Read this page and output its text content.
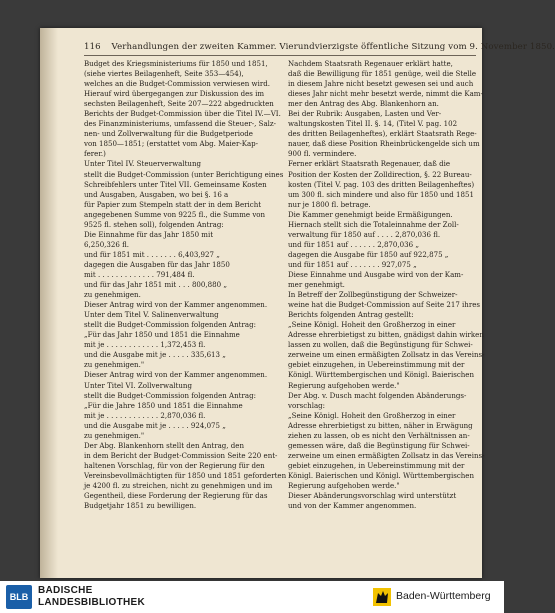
116 Verhandlungen der zweiten Kammer. Vierundvierzigste öffentliche Sitzung vom 9. November 1850.

Budget des Kriegsministeriums für 1850 und 1851,

(siehe viertes Beilagenheft, Seite 353—454),

welches an die Budget-Commission verwiesen wird.

Hierauf wird übergegangen zur Diskussion des im

sechsten Beilagenheft, Seite 207—222 abgedruckten

Berichts der Budget-Commission über die Titel IV.—VI.

des Finanzministeriums, umfassend die Steuer-, Salz-

nen- und Zollverwaltung für die Budgetperiode

von 1850—1851; (erstattet vom Abg. Maier-Kap-

ferer.)

Unter Titel IV. Steuerverwaltung

stellt die Budget-Commission (unter Berichtigung eines

Schreibfehlers unter Titel VII. Gemeinsame Kosten

und Ausgaben, Ausgaben, wo bei §. 16 a

für Papier zum Stempeln statt der in dem Bericht

angegebenen Summe von 9225 fl., die Summe von

9525 fl. stehen soll), folgenden Antrag:

Die Einnahme für das Jahr 1850 mit

6,250,326 fl.

und für 1851 mit . . . . . . . 6,403,927 „

dagegen die Ausgaben für das Jahr 1850

mit . . . . . . . . . . . . . 791,484 fl.

und für das Jahr 1851 mit . . . 800,880 „

zu genehmigen.

Dieser Antrag wird von der Kammer angenommen.

Unter dem Titel V. Salinenverwaltung

stellt die Budget-Commission folgenden Antrag:

„Für das Jahr 1850 und 1851 die Einnahme

mit je . . . . . . . . . . . . 1,372,453 fl.

und die Ausgabe mit je . . . . . 335,613 „

zu genehmigen."

Dieser Antrag wird von der Kammer angenommen.

Unter Titel VI. Zollverwaltung

stellt die Budget-Commission folgenden Antrag:

„Für die Jahre 1850 und 1851 die Einnahme

mit je . . . . . . . . . . . . 2,870,036 fl.

und die Ausgabe mit je . . . . . 924,075 „

zu genehmigen."

Der Abg. Blankenhorn stellt den Antrag, den

in dem Bericht der Budget-Commission Seite 220 ent-

haltenen Vorschlag, für von der Regierung für den

Vereinsbevollmächtigten für 1850 und 1851 geforderten

je 4200 fl. zu streichen, nicht zu genehmigen und im

Gegentheil, diese Forderung der Regierung für das

Budgetjahr 1851 zu bewilligen.

Nachdem Staatsrath Regenauer erklärt hatte,

daß die Bewilligung für 1851 genüge, weil die Stelle

in diesem Jahre nicht besetzt gewesen sei und auch

dieses Jahr nicht mehr besetzt werde, nimmt die Kam-

mer den Antrag des Abg. Blankenhorn an.

Bei der Rubrik: Ausgaben, Lasten und Ver-

waltungskosten Titel II. §. 14, (Titel V. pag. 102

des dritten Beilagenheftes), erklärt Staatsrath Rege-

nauer, daß diese Position Rheinbrückengelde sich um

900 fl. vermindere.

Ferner erklärt Staatsrath Regenauer, daß die

Position der Kosten der Zolldirection, §. 22 Bureau-

kosten (Titel V. pag. 103 des dritten Beilagenheftes)

um 300 fl. sich mindere und also für 1850 und 1851

nur je 1800 fl. betrage.

Die Kammer genehmigt beide Ermäßigungen.

Hiernach stellt sich die Totaleinnahme der Zoll-

verwaltung für 1850 auf . . . . 2,870,036 fl.

und für 1851 auf . . . . . . 2,870,036 „

dagegen die Ausgabe für 1850 auf 922,875 „

und für 1851 auf . . . . . . . 927,075 „

Diese Einnahme und Ausgabe wird von der Kam-

mer genehmigt.

In Betreff der Zollbegünstigung der Schweizer-

weine hat die Budget-Commission auf Seite 217 ihres

Berichts folgenden Antrag gestellt:

„Seine Königl. Hoheit den Großherzog in einer

Adresse ehrerbietigst zu bitten, gnädigst dahin wirken

lassen zu wollen, daß die Begünstigung für Schwei-

zerweine um einen ermäßigten Zollsatz in das Vereins-

gebiet einzugehen, in Uebereinstimmung mit der

Königl. Württembergischen und Königl. Baierischen

Regierung aufgehoben werde."

Der Abg. v. Dusch macht folgenden Abänderungs-

vorschlag:

„Seine Königl. Hoheit den Großherzog in einer

Adresse ehrerbietigst zu bitten, näher in Erwägung

ziehen zu lassen, ob es nicht den Verhältnissen an-

gemessen wäre, daß die Begünstigung für Schwei-

zerweine um einen ermäßigten Zollsatz in das Vereins-

gebiet einzugehen, in Uebereinstimmung mit der

Königl. Baierischen und Königl. Württembergischen

Regierung aufgehoben werde."

Dieser Abänderungsvorschlag wird unterstützt

und von der Kammer angenommen.

BLB
BADISCHE
LANDESBIBLIOTHEK
Baden-Württemberg
